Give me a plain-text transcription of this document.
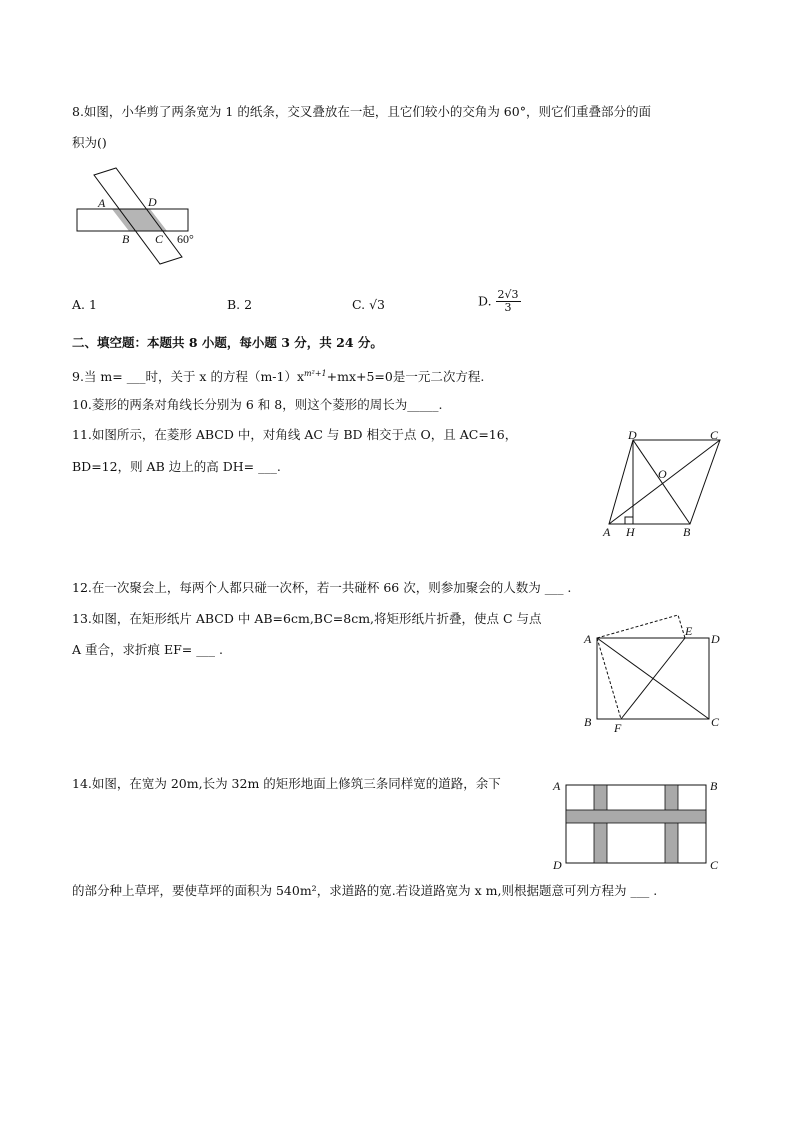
8.如图，小华剪了两条宽为 1 的纸条，交叉叠放在一起，且它们较小的交角为 60°，则它们重叠部分的面
积为()
A	D
B C 60°
A. 1	B. 2	C. √3	D. $\frac{2√3}{3}$
二、填空题：本题共 8 小题，每小题 3 分，共 24 分。
9.当 m= ___时，关于 x 的方程$(m-1)x^{m^2+1}+mx+5=0$是一元二次方程.
10.菱形的两条对角线长分别为 6 和 8，则这个菱形的周长为_____.
11.如图所示，在菱形 ABCD 中，对角线 AC 与 BD 相交于点 O，且 AC=16，
BD=12，则 AB 边上的高 DH= ___.
D	C
O
A H	B
12.在一次聚会上，每两个人都只碰一次杯，若一共碰杯 66 次，则参加聚会的人数为 ___ .
13.如图，在矩形纸片 ABCD 中 AB=6cm,BC=8cm,将矩形纸片折叠，使点 C 与点
A 重合，求折痕 EF= ___ .
A
E
D
B F	C
14.如图，在宽为 20m,长为 32m 的矩形地面上修筑三条同样宽的道路，余下	A	B
D	C
的部分种上草坪，要使草坪的面积为 540m²，求道路的宽.若设道路宽为 x m,则根据题意可列方程为 ___ .
